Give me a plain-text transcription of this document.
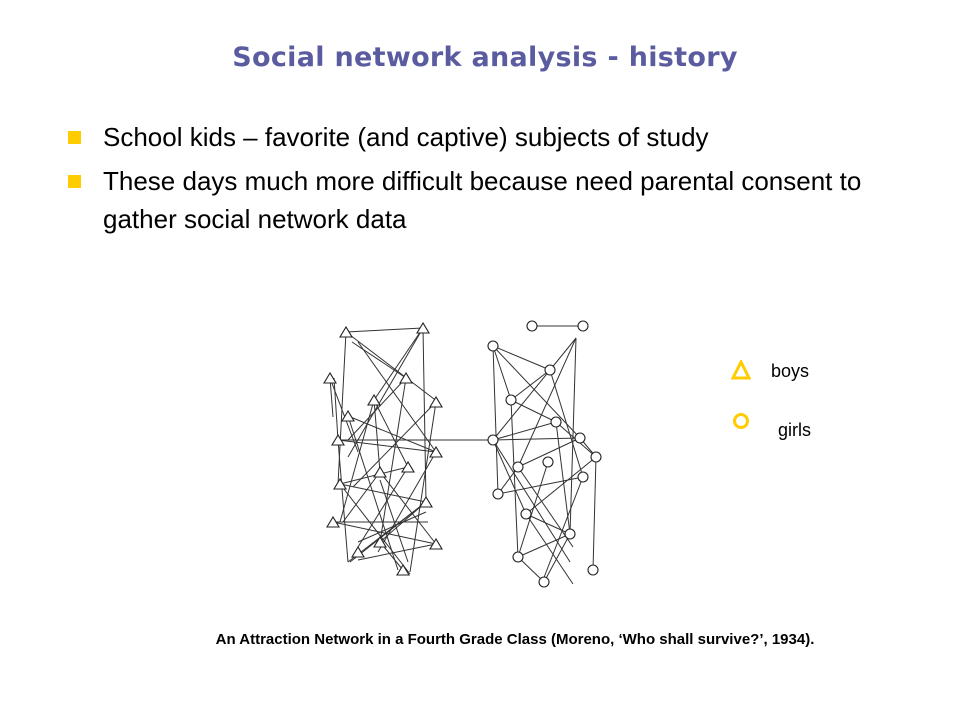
Social network analysis - history
School kids – favorite (and captive) subjects of study
These days much more difficult because need parental consent to gather social network data
boys
girls
An Attraction Network in a Fourth Grade Class (Moreno, ‘Who shall survive?’, 1934).
